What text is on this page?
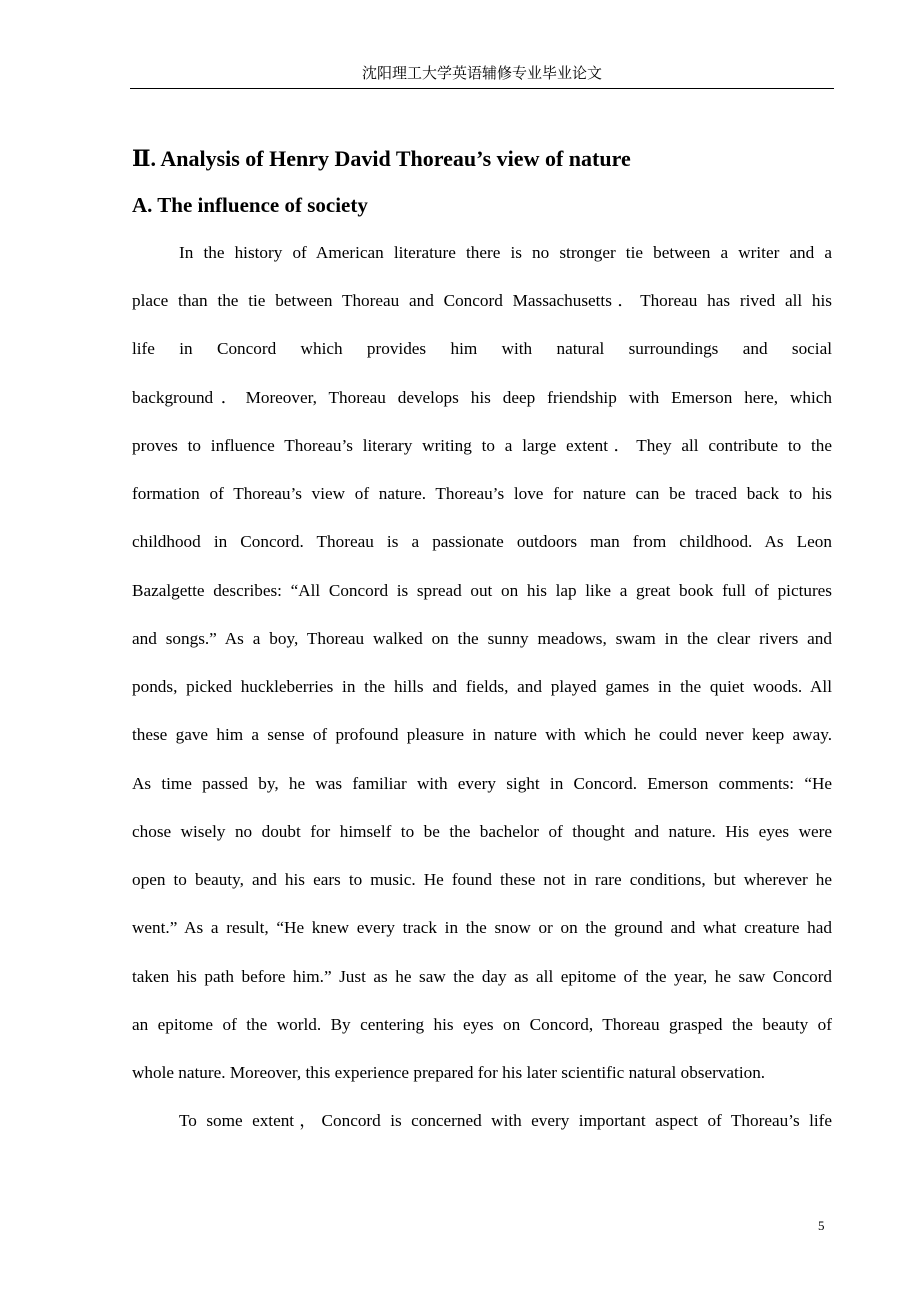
沈阳理工大学英语辅修专业毕业论文
Ⅱ. Analysis of Henry David Thoreau’s view of nature
A. The influence of society
In the history of American literature there is no stronger tie between a writer and a
place than the tie between Thoreau and Concord Massachusetts．Thoreau has rived all his
life in Concord which provides him with natural surroundings and social
background．Moreover, Thoreau develops his deep friendship with Emerson here, which
proves to influence Thoreau’s literary writing to a large extent．They all contribute to the
formation of Thoreau’s view of nature. Thoreau’s love for nature can be traced back to his
childhood in Concord. Thoreau is a passionate outdoors man from childhood. As Leon
Bazalgette describes: “All Concord is spread out on his lap like a great book full of pictures
and songs.” As a boy, Thoreau walked on the sunny meadows, swam in the clear rivers and
ponds, picked huckleberries in the hills and fields, and played games in the quiet woods. All
these gave him a sense of profound pleasure in nature with which he could never keep away.
As time passed by, he was familiar with every sight in Concord. Emerson comments: “He
chose wisely no doubt for himself to be the bachelor of thought and nature. His eyes were
open to beauty, and his ears to music. He found these not in rare conditions, but wherever he
went.” As a result, “He knew every track in the snow or on the ground and what creature had
taken his path before him.” Just as he saw the day as all epitome of the year, he saw Concord
an epitome of the world. By centering his eyes on Concord, Thoreau grasped the beauty of
whole nature. Moreover, this experience prepared for his later scientific natural observation.
To some extent，Concord is concerned with every important aspect of Thoreau’s life
5
